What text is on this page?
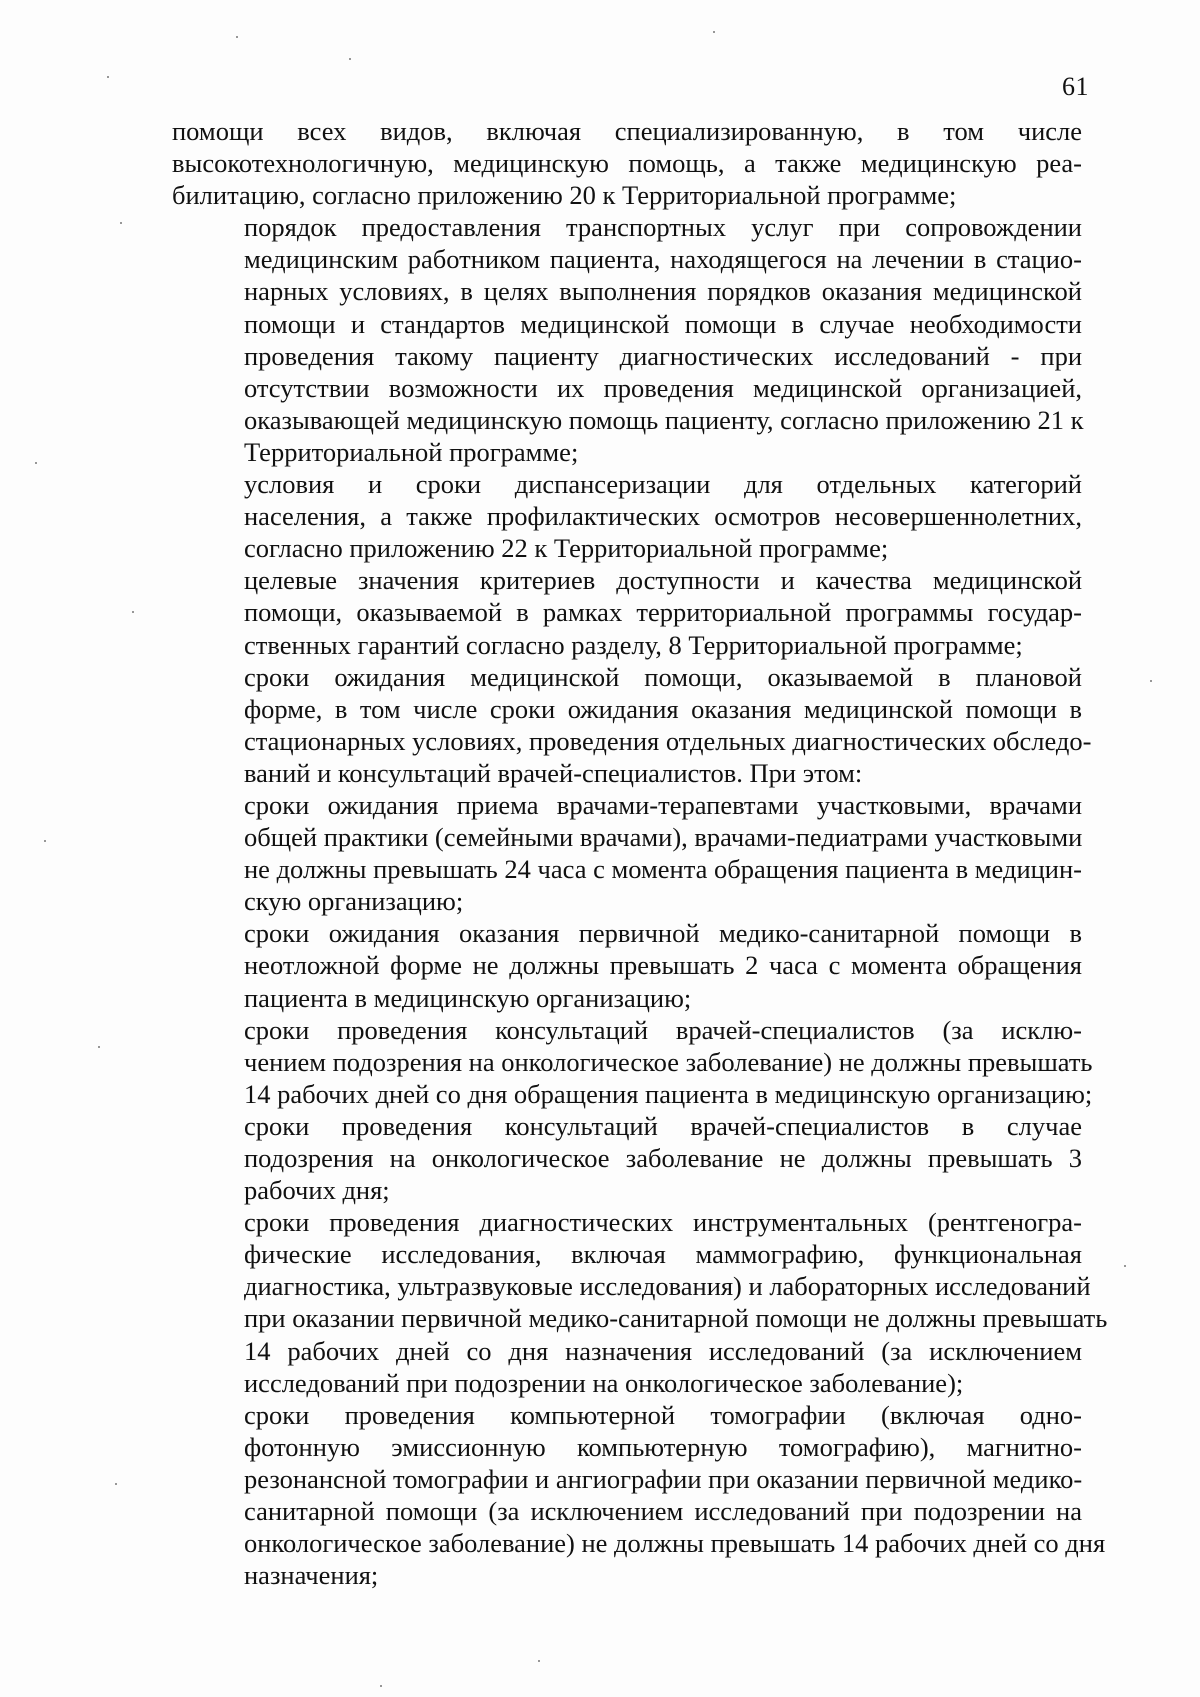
61

помощи всех видов, включая специализированную, в том числе
высокотехнологичную, медицинскую помощь, а также медицинскую реа-
билитацию, согласно приложению 20 к Территориальной программе;

порядок предоставления транспортных услуг при сопровождении
медицинским работником пациента, находящегося на лечении в стацио-
нарных условиях, в целях выполнения порядков оказания медицинской
помощи и стандартов медицинской помощи в случае необходимости
проведения такому пациенту диагностических исследований - при
отсутствии возможности их проведения медицинской организацией,
оказывающей медицинскую помощь пациенту, согласно приложению 21 к
Территориальной программе;

условия и сроки диспансеризации для отдельных категорий
населения, а также профилактических осмотров несовершеннолетних,
согласно приложению 22 к Территориальной программе;

целевые значения критериев доступности и качества медицинской
помощи, оказываемой в рамках территориальной программы государ-
ственных гарантий согласно разделу, 8 Территориальной программе;

сроки ожидания медицинской помощи, оказываемой в плановой
форме, в том числе сроки ожидания оказания медицинской помощи в
стационарных условиях, проведения отдельных диагностических обследо-
ваний и консультаций врачей-специалистов. При этом:

сроки ожидания приема врачами-терапевтами участковыми, врачами
общей практики (семейными врачами), врачами-педиатрами участковыми
не должны превышать 24 часа с момента обращения пациента в медицин-
скую организацию;

сроки ожидания оказания первичной медико-санитарной помощи в
неотложной форме не должны превышать 2 часа с момента обращения
пациента в медицинскую организацию;

сроки проведения консультаций врачей-специалистов (за исклю-
чением подозрения на онкологическое заболевание) не должны превышать
14 рабочих дней со дня обращения пациента в медицинскую организацию;

сроки проведения консультаций врачей-специалистов в случае
подозрения на онкологическое заболевание не должны превышать 3
рабочих дня;

сроки проведения диагностических инструментальных (рентгеногра-
фические исследования, включая маммографию, функциональная
диагностика, ультразвуковые исследования) и лабораторных исследований
при оказании первичной медико-санитарной помощи не должны превышать
14 рабочих дней со дня назначения исследований (за исключением
исследований при подозрении на онкологическое заболевание);

сроки проведения компьютерной томографии (включая одно-
фотонную эмиссионную компьютерную томографию), магнитно-
резонансной томографии и ангиографии при оказании первичной медико-
санитарной помощи (за исключением исследований при подозрении на
онкологическое заболевание) не должны превышать 14 рабочих дней со дня
назначения;
